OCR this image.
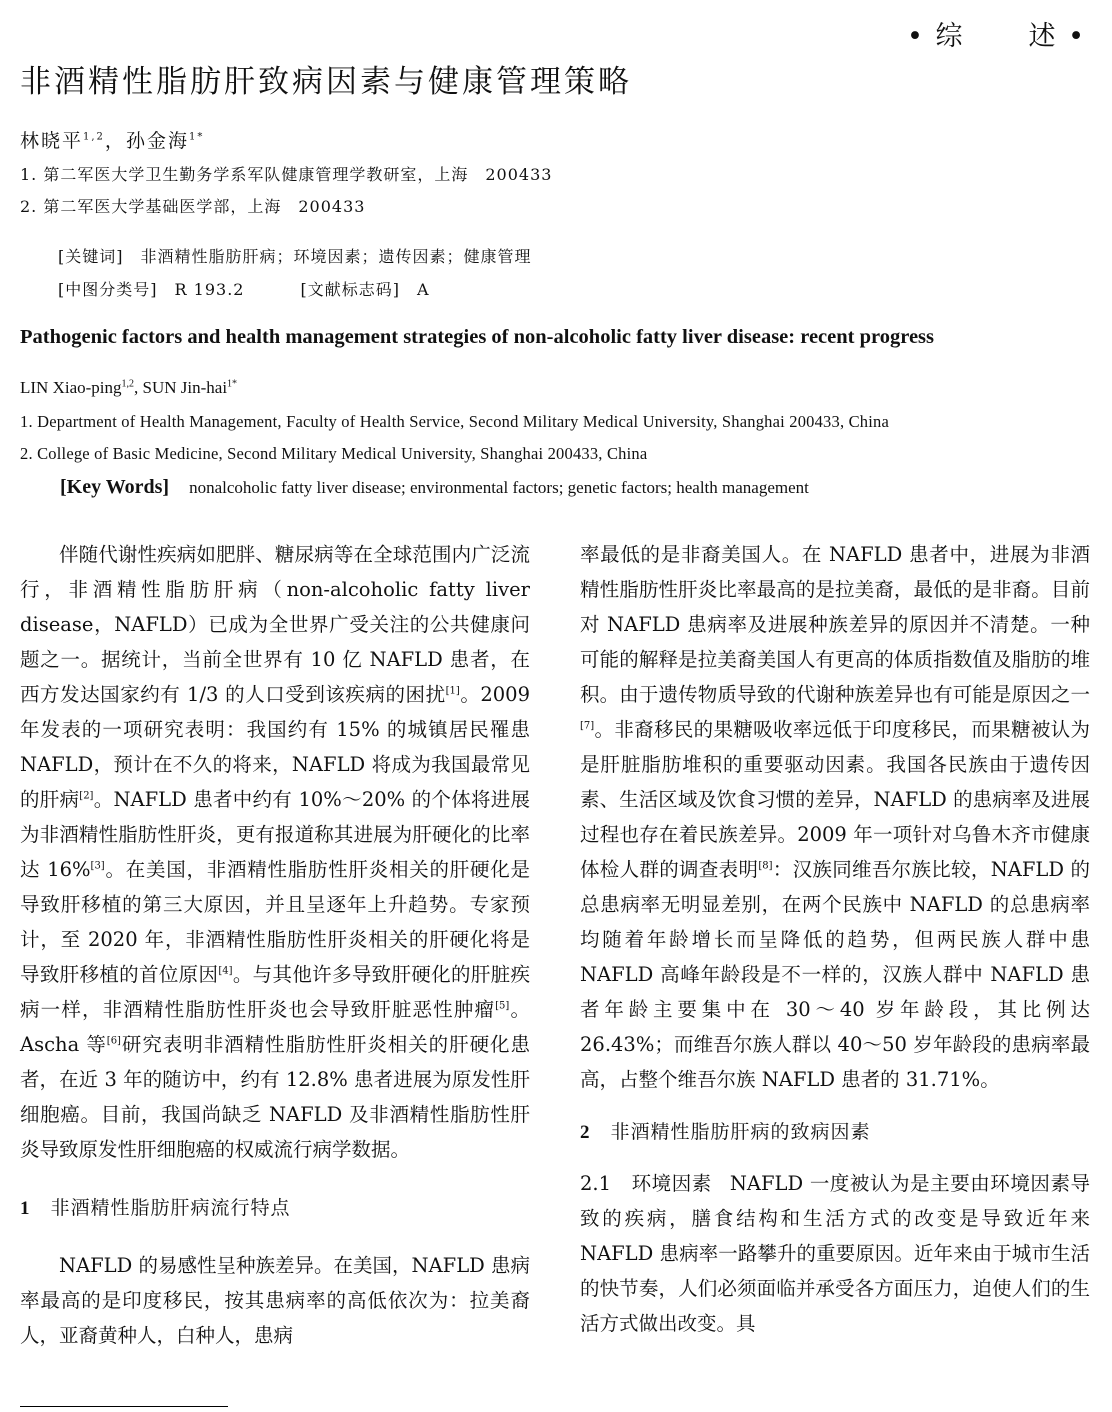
• 综 述 •
非酒精性脂肪肝致病因素与健康管理策略
林晓平$^{1,2}$，孙金海$^{1*}$
1. 第二军医大学卫生勤务学系军队健康管理学教研室，上海　200433
2. 第二军医大学基础医学部，上海　200433
[关键词]　 非酒精性脂肪肝病；环境因素；遗传因素；健康管理
[中图分类号]　 R 193.2	[文献标志码]　 A
Pathogenic factors and health management strategies of non-alcoholic fatty liver disease: recent progress
LIN Xiao-ping$^{1,2}$, SUN Jin-hai$^{1*}$
1. Department of Health Management, Faculty of Health Service, Second Military Medical University, Shanghai 200433, China
2. College of Basic Medicine, Second Military Medical University, Shanghai 200433, China
[Key Words] nonalcoholic fatty liver disease; environmental factors; genetic factors; health management

伴随代谢性疾病如肥胖、糖尿病等在全球范围内广泛流行，非酒精性脂肪肝病（non-alcoholic fatty liver disease，NAFLD）已成为全世界广受关注的公共健康问题之一。据统计，当前全世界有 10 亿 NAFLD 患者，在西方发达国家约有 1/3 的人口受到该疾病的困扰[1]。2009 年发表的一项研究表明：我国约有 15% 的城镇居民罹患 NAFLD，预计在不久的将来，NAFLD 将成为我国最常见的肝病[2]。NAFLD 患者中约有 10%～20% 的个体将进展为非酒精性脂肪性肝炎，更有报道称其进展为肝硬化的比率达 16%[3]。在美国，非酒精性脂肪性肝炎相关的肝硬化是导致肝移植的第三大原因，并且呈逐年上升趋势。专家预计，至 2020 年，非酒精性脂肪性肝炎相关的肝硬化将是导致肝移植的首位原因[4]。与其他许多导致肝硬化的肝脏疾病一样，非酒精性脂肪性肝炎也会导致肝脏恶性肿瘤[5]。Ascha 等[6]研究表明非酒精性脂肪性肝炎相关的肝硬化患者，在近 3 年的随访中，约有 12.8% 患者进展为原发性肝细胞癌。目前，我国尚缺乏 NAFLD 及非酒精性脂肪性肝炎导致原发性肝细胞癌的权威流行病学数据。

1 非酒精性脂肪肝病流行特点

NAFLD 的易感性呈种族差异。在美国，NAFLD 患病率最高的是印度移民，按其患病率的高低依次为：拉美裔人，亚裔黄种人，白种人，患病

率最低的是非裔美国人。在 NAFLD 患者中，进展为非酒精性脂肪性肝炎比率最高的是拉美裔，最低的是非裔。目前对 NAFLD 患病率及进展种族差异的原因并不清楚。一种可能的解释是拉美裔美国人有更高的体质指数值及脂肪的堆积。由于遗传物质导致的代谢种族差异也有可能是原因之一[7]。非裔移民的果糖吸收率远低于印度移民，而果糖被认为是肝脏脂肪堆积的重要驱动因素。我国各民族由于遗传因素、生活区域及饮食习惯的差异，NAFLD 的患病率及进展过程也存在着民族差异。2009 年一项针对乌鲁木齐市健康体检人群的调查表明[8]：汉族同维吾尔族比较，NAFLD 的总患病率无明显差别，在两个民族中 NAFLD 的总患病率均随着年龄增长而呈降低的趋势，但两民族人群中患 NAFLD 高峰年龄段是不一样的，汉族人群中 NAFLD 患者年龄主要集中在 30～40 岁年龄段，其比例达 26.43%；而维吾尔族人群以 40～50 岁年龄段的患病率最高，占整个维吾尔族 NAFLD 患者的 31.71%。

2 非酒精性脂肪肝病的致病因素

2.1　环境因素 NAFLD 一度被认为是主要由环境因素导致的疾病，膳食结构和生活方式的改变是导致近年来 NAFLD 患病率一路攀升的重要原因。近年来由于城市生活的快节奏，人们必须面临并承受各方面压力，迫使人们的生活方式做出改变。具
